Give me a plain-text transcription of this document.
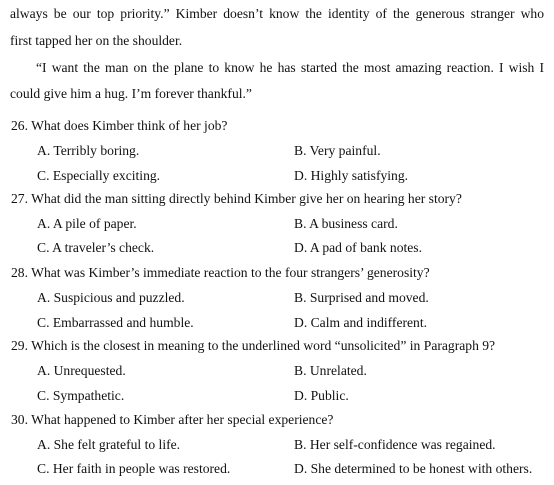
always be our top priority.” Kimber doesn’t know the identity of the generous stranger who
first tapped her on the shoulder.
“I want the man on the plane to know he has started the most amazing reaction. I wish I
could give him a hug. I’m forever thankful.”
26. What does Kimber think of her job?
A. Terribly boring.	B. Very painful.
C. Especially exciting.	D. Highly satisfying.
27. What did the man sitting directly behind Kimber give her on hearing her story?
A. A pile of paper.	B. A business card.
C. A traveler’s check.	D. A pad of bank notes.
28. What was Kimber’s immediate reaction to the four strangers’ generosity?
A. Suspicious and puzzled.	B. Surprised and moved.
C. Embarrassed and humble.	D. Calm and indifferent.
29. Which is the closest in meaning to the underlined word “unsolicited” in Paragraph 9?
A. Unrequested.	B. Unrelated.
C. Sympathetic.	D. Public.
30. What happened to Kimber after her special experience?
A. She felt grateful to life.	B. Her self-confidence was regained.
C. Her faith in people was restored.	D. She determined to be honest with others.
